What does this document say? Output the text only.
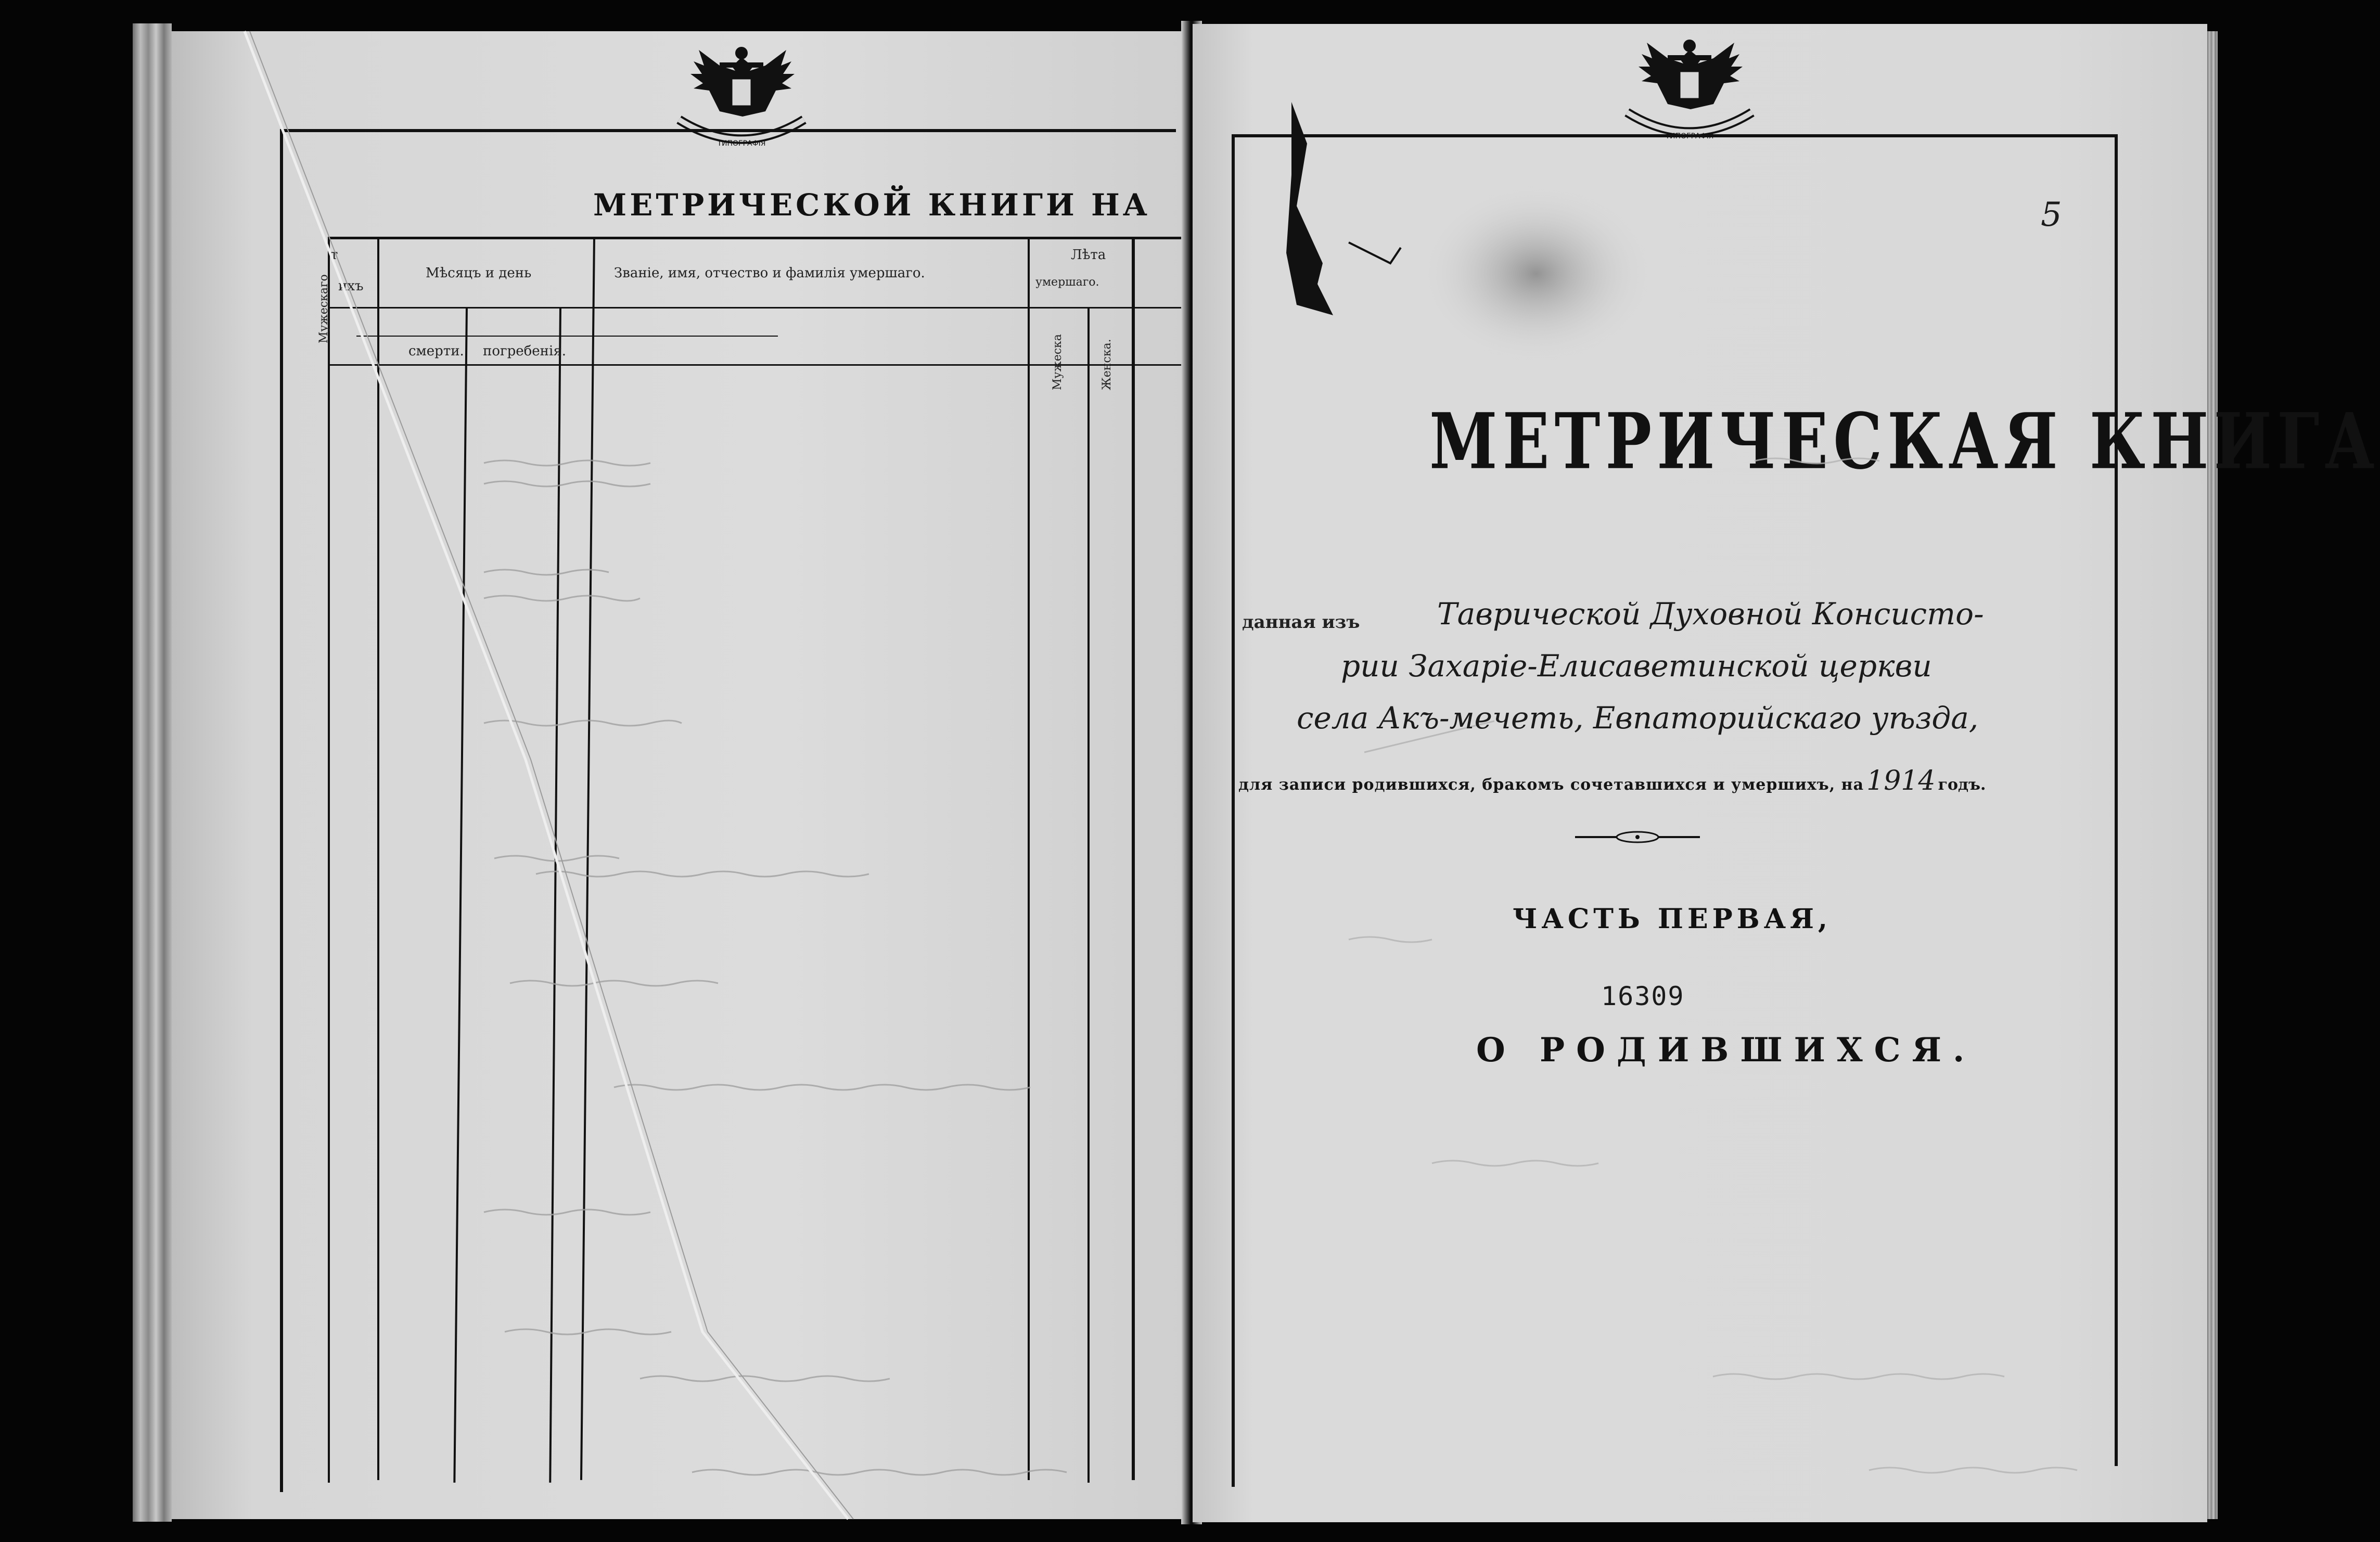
ТИПОГРАФІЯ
МЕТРИЧЕСКОЙ КНИГИ НА
т
ихъ
Мужескаго
Мѣсяцъ и день
смерти. погребенія.
Званіе, имя, отчество и фамилія умершаго.
Лѣта
умершаго.
Мужеска	Женска.
5
МЕТРИЧЕСКАЯ КНИГА
данная изъ	Таврической Духовной Консисто-
рии Захаріе-Елисаветинской церкви
села Акъ-мечеть, Евпаторийскаго уѣзда,
для записи родившихся, бракомъ сочетавшихся и умершихъ, на 1914 годъ.
ЧАСТЬ ПЕРВАЯ,
16309
О РОДИВШИХСЯ.
